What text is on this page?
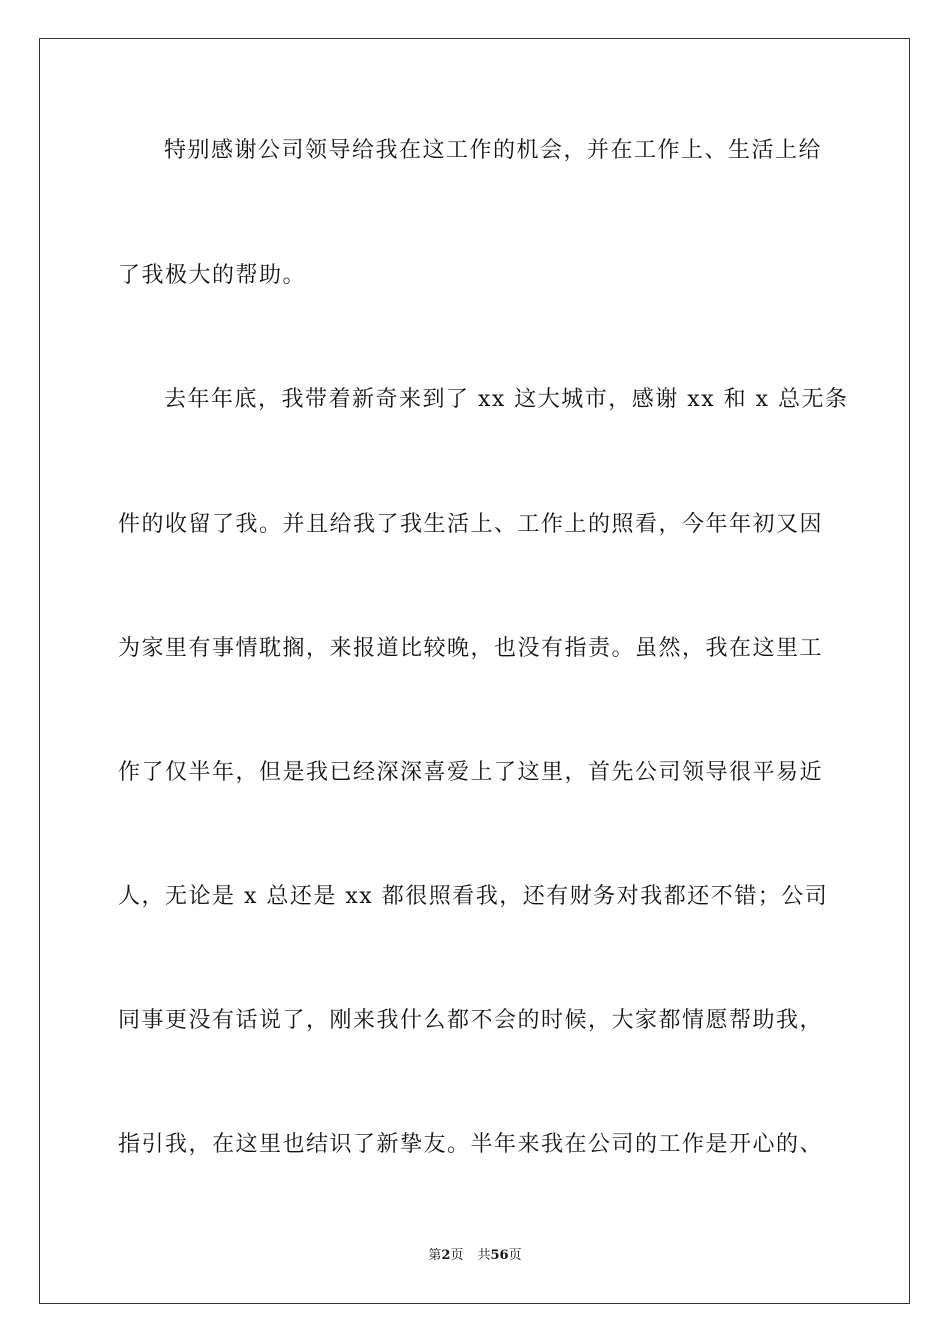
特别感谢公司领导给我在这工作的机会，并在工作上、生活上给
了我极大的帮助。
去年年底，我带着新奇来到了 xx 这大城市，感谢 xx 和 x 总无条
件的收留了我。并且给我了我生活上、工作上的照看，今年年初又因
为家里有事情耽搁，来报道比较晚，也没有指责。虽然，我在这里工
作了仅半年，但是我已经深深喜爱上了这里，首先公司领导很平易近
人，无论是 x 总还是 xx 都很照看我，还有财务对我都还不错；公司
同事更没有话说了，刚来我什么都不会的时候，大家都情愿帮助我，
指引我，在这里也结识了新挚友。半年来我在公司的工作是开心的、
第2页 共56页
